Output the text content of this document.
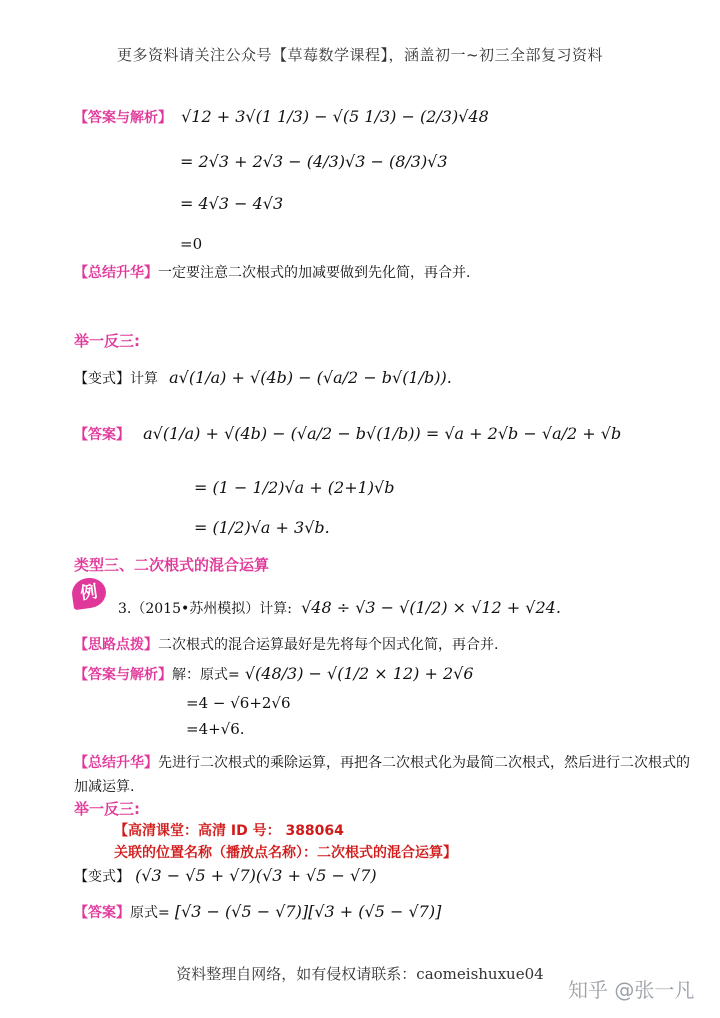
更多资料请关注公众号【草莓数学课程】，涵盖初一~初三全部复习资料
【答案与解析】 √12 + 3√(1 1/3) − √(5 1/3) − (2/3)√48
= 2√3 + 2√3 − (4/3)√3 − (8/3)√3
= 4√3 − 4√3
=0
【总结升华】一定要注意二次根式的加减要做到先化简，再合并.
举一反三:
【变式】计算 a√(1/a) + √(4b) − (√a/2 − b√(1/b)).
【答案】 a√(1/a) + √(4b) − (√a/2 − b√(1/b)) = √a + 2√b − √a/2 + √b
= (1 − 1/2)√a + (2+1)√b
= (1/2)√a + 3√b.
类型三、二次根式的混合运算
例
3.（2015•苏州模拟）计算: √48 ÷ √3 − √(1/2) × √12 + √24.
【思路点拨】二次根式的混合运算最好是先将每个因式化简，再合并.
【答案与解析】解：原式= √(48/3) − √(1/2 × 12) + 2√6
=4 − √6+2√6
=4+√6.
【总结升华】先进行二次根式的乘除运算，再把各二次根式化为最简二次根式，然后进行二次根式的
加减运算.
举一反三:
【高清课堂：高清 ID 号： 388064
关联的位置名称（播放点名称）：二次根式的混合运算】
【变式】 (√3 − √5 + √7)(√3 + √5 − √7)
【答案】原式= [√3 − (√5 − √7)][√3 + (√5 − √7)]
资料整理自网络，如有侵权请联系：caomeishuxue04
知乎 @张一凡
